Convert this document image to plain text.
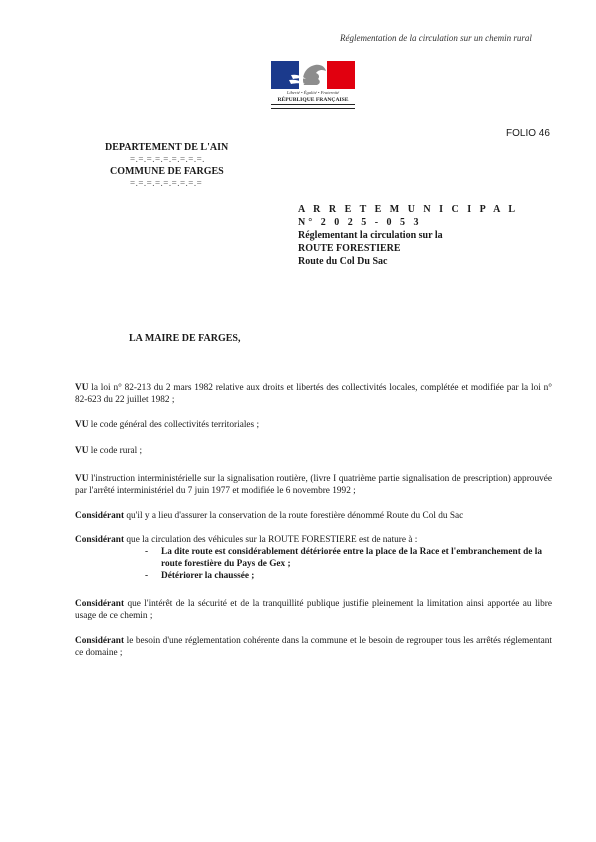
Réglementation de la circulation sur un chemin rural
Liberté • Égalité • Fraternité
RÉPUBLIQUE FRANÇAISE
FOLIO 46
DEPARTEMENT DE L'AIN
=.=.=.=.=.=.=.=.=.
COMMUNE DE FARGES
=.=.=.=.=.=.=.=.=
A R R E T E M U N I C I P A L
N° 2 0 2 5 - 0 5 3
Réglementant la circulation sur la
ROUTE FORESTIERE
Route du Col Du Sac
LA MAIRE DE FARGES,
VU la loi n° 82-213 du 2 mars 1982 relative aux droits et libertés des collectivités locales, complétée et modifiée par la loi n° 82-623 du 22 juillet 1982 ;
VU le code général des collectivités territoriales ;
VU le code rural ;
VU l'instruction interministérielle sur la signalisation routière, (livre I quatrième partie signalisation de prescription) approuvée par l'arrêté interministériel du 7 juin 1977 et modifiée le 6 novembre 1992 ;
Considérant qu'il y a lieu d'assurer la conservation de la route forestière dénommé Route du Col du Sac
Considérant que la circulation des véhicules sur la ROUTE FORESTIERE est de nature à :
-	La dite route est considérablement détériorée entre la place de la Race et l'embranchement de la route forestière du Pays de Gex ;
-	Détériorer la chaussée ;
Considérant que l'intérêt de la sécurité et de la tranquillité publique justifie pleinement la limitation ainsi apportée au libre usage de ce chemin ;
Considérant le besoin d'une réglementation cohérente dans la commune et le besoin de regrouper tous les arrêtés réglementant ce domaine ;
